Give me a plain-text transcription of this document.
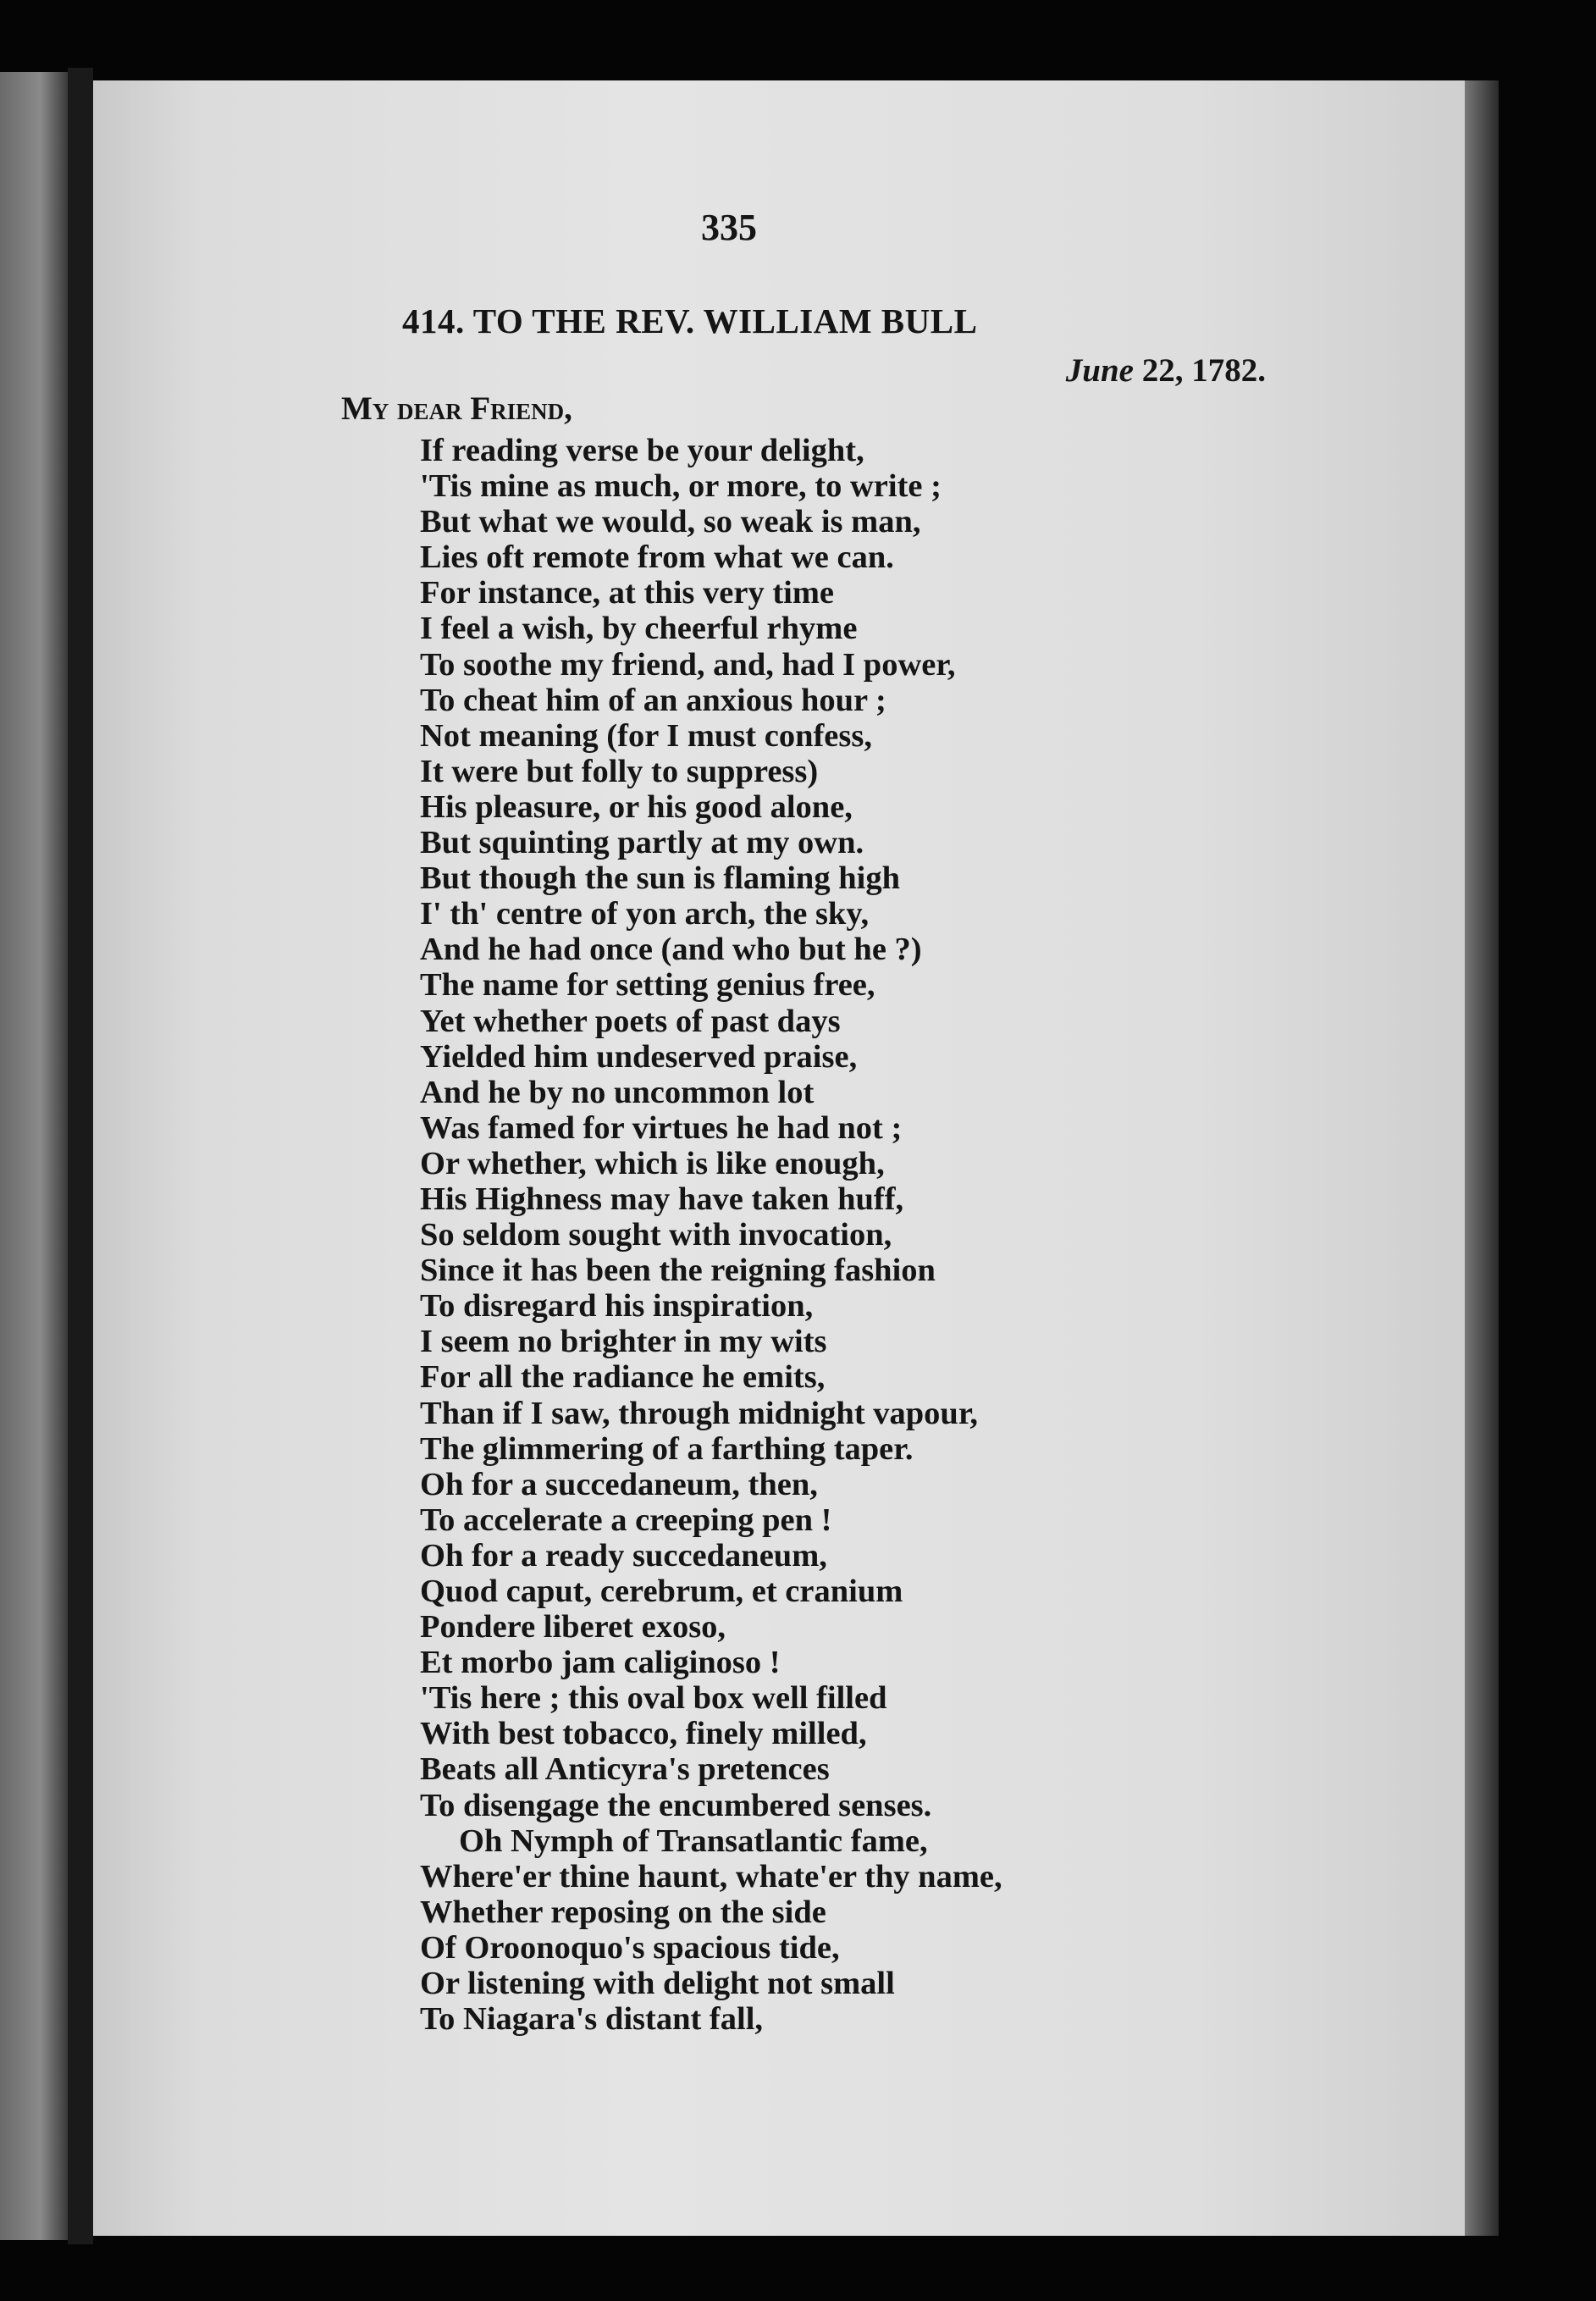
335
414. TO THE REV. WILLIAM BULL
June 22, 1782.
My dear Friend,
If reading verse be your delight,
'Tis mine as much, or more, to write ;
But what we would, so weak is man,
Lies oft remote from what we can.
For instance, at this very time
I feel a wish, by cheerful rhyme
To soothe my friend, and, had I power,
To cheat him of an anxious hour ;
Not meaning (for I must confess,
It were but folly to suppress)
His pleasure, or his good alone,
But squinting partly at my own.
But though the sun is flaming high
I' th' centre of yon arch, the sky,
And he had once (and who but he ?)
The name for setting genius free,
Yet whether poets of past days
Yielded him undeserved praise,
And he by no uncommon lot
Was famed for virtues he had not ;
Or whether, which is like enough,
His Highness may have taken huff,
So seldom sought with invocation,
Since it has been the reigning fashion
To disregard his inspiration,
I seem no brighter in my wits
For all the radiance he emits,
Than if I saw, through midnight vapour,
The glimmering of a farthing taper.
Oh for a succedaneum, then,
To accelerate a creeping pen !
Oh for a ready succedaneum,
Quod caput, cerebrum, et cranium
Pondere liberet exoso,
Et morbo jam caliginoso !
'Tis here ; this oval box well filled
With best tobacco, finely milled,
Beats all Anticyra's pretences
To disengage the encumbered senses.
Oh Nymph of Transatlantic fame,
Where'er thine haunt, whate'er thy name,
Whether reposing on the side
Of Oroonoquo's spacious tide,
Or listening with delight not small
To Niagara's distant fall,
